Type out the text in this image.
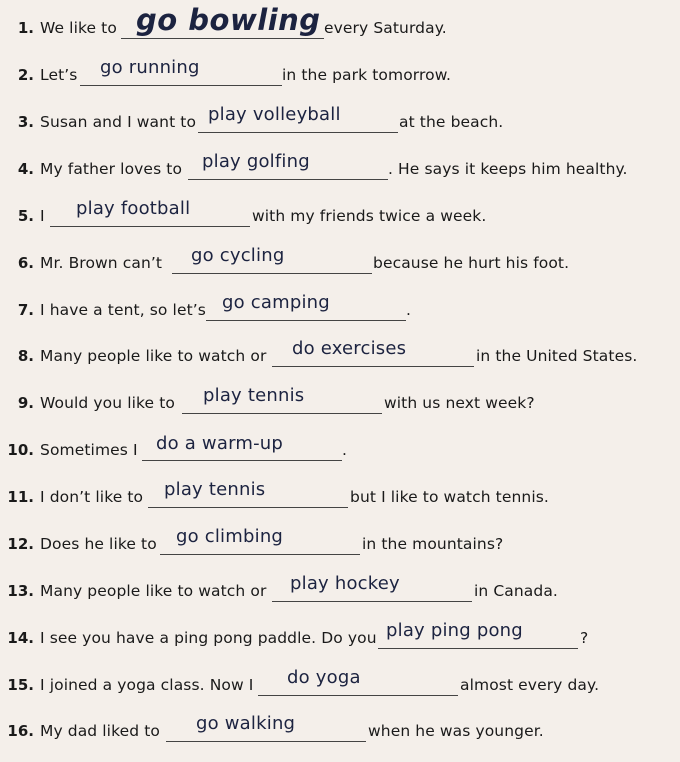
1. We like to go bowling every Saturday.
2. Let’s go running	in the park tomorrow.
3. Susan and I want to play volleyball	at the beach.
4. My father loves to play golfing	. He says it keeps him healthy.
5. I play football	with my friends twice a week.
6. Mr. Brown can’t go cycling	because he hurt his foot.
7. I have a tent, so let’s go camping	.
8. Many people like to watch or do exercises	in the United States.
9. Would you like to play tennis	with us next week?
10. Sometimes I do a warm-up	.
11. I don’t like to play tennis	but I like to watch tennis.
12. Does he like to go climbing	in the mountains?
13. Many people like to watch or play hockey	in Canada.
14. I see you have a ping pong paddle. Do you play ping pong	?
15. I joined a yoga class. Now I do yoga	almost every day.
16. My dad liked to go walking	when he was younger.
